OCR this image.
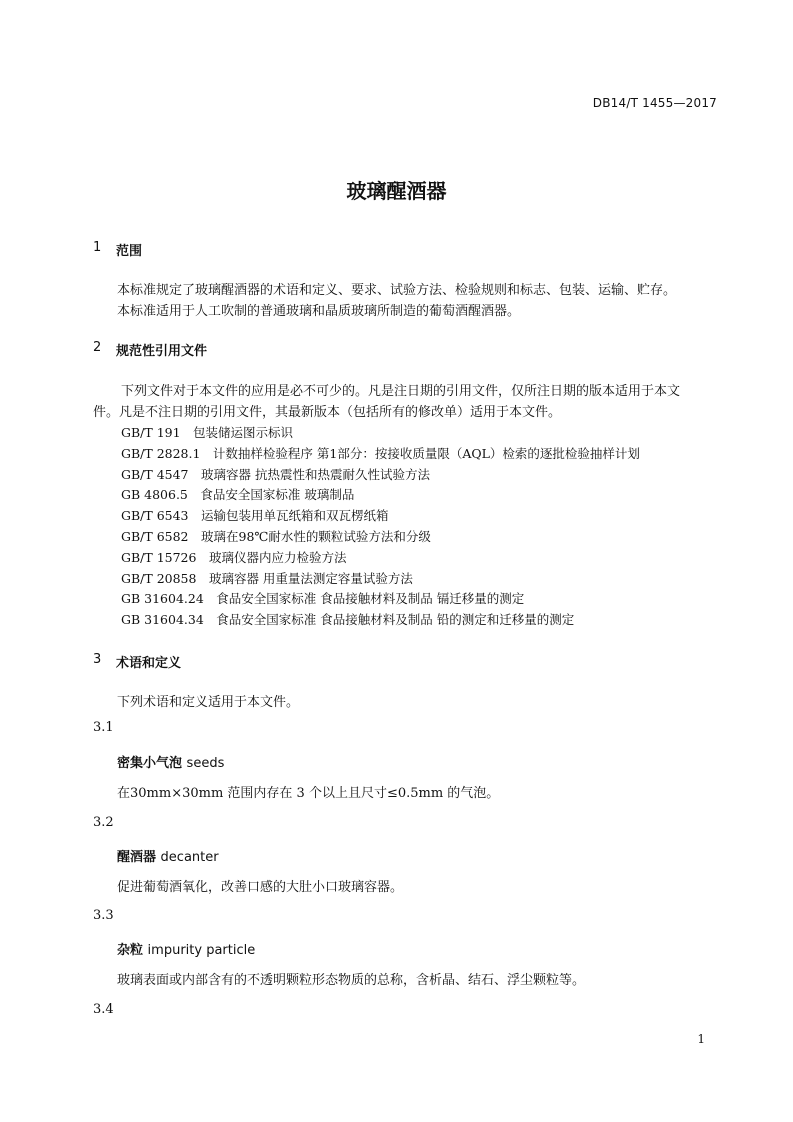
DB14/T 1455—2017
玻璃醒酒器
1 范围
本标准规定了玻璃醒酒器的术语和定义、要求、试验方法、检验规则和标志、包装、运输、贮存。
本标准适用于人工吹制的普通玻璃和晶质玻璃所制造的葡萄酒醒酒器。
2 规范性引用文件
下列文件对于本文件的应用是必不可少的。凡是注日期的引用文件，仅所注日期的版本适用于本文
件。凡是不注日期的引用文件，其最新版本（包括所有的修改单）适用于本文件。
GB/T 191　包装储运图示标识
GB/T 2828.1　计数抽样检验程序 第1部分：按接收质量限（AQL）检索的逐批检验抽样计划
GB/T 4547　玻璃容器 抗热震性和热震耐久性试验方法
GB 4806.5　食品安全国家标准 玻璃制品
GB/T 6543　运输包装用单瓦纸箱和双瓦楞纸箱
GB/T 6582　玻璃在98℃耐水性的颗粒试验方法和分级
GB/T 15726　玻璃仪器内应力检验方法
GB/T 20858　玻璃容器 用重量法测定容量试验方法
GB 31604.24　食品安全国家标准 食品接触材料及制品 镉迁移量的测定
GB 31604.34　食品安全国家标准 食品接触材料及制品 铅的测定和迁移量的测定
3 术语和定义
下列术语和定义适用于本文件。
3.1
密集小气泡 seeds
在30mm×30mm 范围内存在 3 个以上且尺寸≤0.5mm 的气泡。
3.2
醒酒器 decanter
促进葡萄酒氧化，改善口感的大肚小口玻璃容器。
3.3
杂粒 impurity particle
玻璃表面或内部含有的不透明颗粒形态物质的总称，含析晶、结石、浮尘颗粒等。
3.4
1
